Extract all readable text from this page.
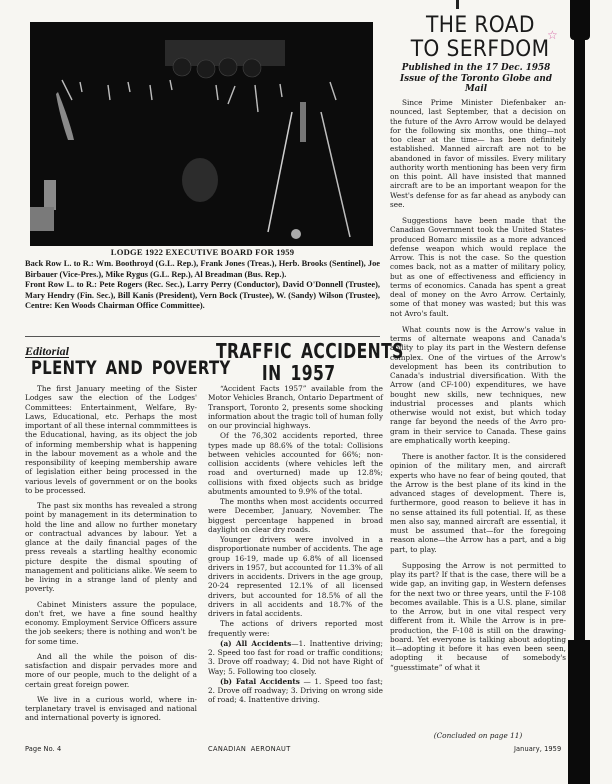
LODGE 1922 EXECUTIVE BOARD FOR 1959
Back Row L. to R.: Wm. Boothroyd (G.L. Rep.), Frank Jones (Treas.), Herb. Brooks (Sentinel), Joe Birbauer (Vice-Pres.), Mike Rygus (G.L. Rep.), Al Breadman (Bus. Rep.).
Front Row L. to R.: Pete Rogers (Rec. Sec.), Larry Perry (Conductor), David O'Donnell (Trustee), Mary Hendry (Fin. Sec.), Bill Kanis (President), Vern Bock (Trustee), W. (Sandy) Wilson (Trustee), Centre: Ken Woods Chairman Office Committee).
Editorial
PLENTY AND POVERTY

The first January meeting of the Sister Lodges saw the election of the Lodges' Committees: Entertainment, Welfare, By-Laws, Educational, etc. Perhaps the most important of all these internal commmittees is the Educational, having, as its object the job of informing membership what is happening in the labour movement as a whole and the responsibility of keeping membership aware of legislation either being processed in the various levels of government or on the books to be processed.

The past six months has revealed a strong point by management in its determination to hold the line and allow no further monetary or contractual advances by labour. Yet a glance at the daily financial pages of the press reveals a startling healthy economic picture despite the dismal spouting of management and politicians alike. We seem to be living in a strange land of plenty and poverty.

Cabinet Ministers assure the populace, don't fret, we have a fine sound healthy economy. Employment Service Officers assure the job seekers; there is nothing and won't be for some time.

And all the while the poison of dissatisfaction and dispair pervades more and more of our people, much to the delight of a certain great foreign power.

We live in a curious world, where interplanetary travel is envisaged and national and international poverty is ignored.

TRAFFIC ACCIDENTS
IN 1957

“Accident Facts 1957” available from the Motor Vehicles Branch, Ontario Department of Transport, Toronto 2, presents some shocking information about the tragic toll of human folly on our provincial highways.

Of the 76,302 accidents reported, three types made up 88.6% of the total: Collisions between vehicles accounted for 66%; non-collision accidents (where vehicles left the road and overturned) made up 12.8%; collisions with fixed objects such as bridge abutments amounted to 9.9% of the total.

The months when most accidents occurred were December, January, November. The biggest percentage happened in broad daylight on clear dry roads.

Younger drivers were involved in a disproportionate number of accidents. The age group 16-19, made up 6.8% of all licensed drivers in 1957, but accounted for 11.3% of all drivers in accidents. Drivers in the age group, 20-24 represented 12.1% of all licensed drivers, but accounted for 18.5% of all the drivers in all accidents and 18.7% of the drivers in fatal accidents.

The actions of drivers reported most frequently were:

(a) All Accidents—1. Inattentive driving; 2. Speed too fast for road or traffic conditions; 3. Drove off roadway; 4. Did not have Right of Way; 5. Following too closely.

(b) Fatal Accidents — 1. Speed too fast; 2. Drove off roadway; 3. Driving on wrong side of road; 4. Inattentive driving.

THE ROAD
TO SERFDOM
☆
Published in the 17 Dec. 1958 Issue of the Toronto Globe and Mail

Since Prime Minister Diefenbaker announced, last September, that a decision on the future of the Avro Arrow would be delayed for the following six months, one thing—not too clear at the time— has been definitely established. Manned aircraft are not to be abandoned in favor of missiles. Every military authority worth mentioning has been very firm on this point. All have insisted that manned aircraft are to be an important weapon for the West's defense for as far ahead as anybody can see.

Suggestions have been made that the Canadian Government took the United States-produced Bomarc missile as a more advanced defense weapon which would replace the Arrow. This is not the case. So the question comes back, not as a matter of military policy, but as one of effectiveness and efficiency in terms of economics. Canada has spent a great deal of money on the Avro Arrow. Certainly, some of that money was wasted; but this was not Avro's fault.

What counts now is the Arrow's value in terms of alternate weapons and Canada's ability to play its part in the Western defense complex. One of the virtues of the Arrow's development has been its contribution to Canada's industrial diversification. With the Arrow (and CF-100) expenditures, we have bought new skills, new techniques, new industrial processes and plants which otherwise would not exist, but which today range far beyond the needs of the Avro program in their service to Canada. These gains are emphatically worth keeping.

There is another factor. It is the considered opinion of the military men, and aircraft experts who have no fear of being qouted, that the Arrow is the best plane of its kind in the advanced stages of development. There is, furthermore, good reason to believe it has in no sense attained its full potential. If, as these men also say, manned aircraft are essential, it must be assumed that—for the foregoing reason alone—the Arrow has a part, and a big part, to play.

Supposing the Arrow is not permitted to play its part? If that is the case, there will be a wide gap, an inviting gap, in Western defenses for the next two or three years, until the F-108 becomes available. This is a U.S. plane, similar to the Arrow, but in one vital respect very different from it. While the Arrow is in pre-production, the F-108 is still on the drawing-board. Yet everyone is talking about adopting it—adopting it before it has even been seen, adopting it because of somebody's “guesstimate” of what it

(Concluded on page 11)
Page No. 4	CANADIAN AERONAUT	January, 1959
